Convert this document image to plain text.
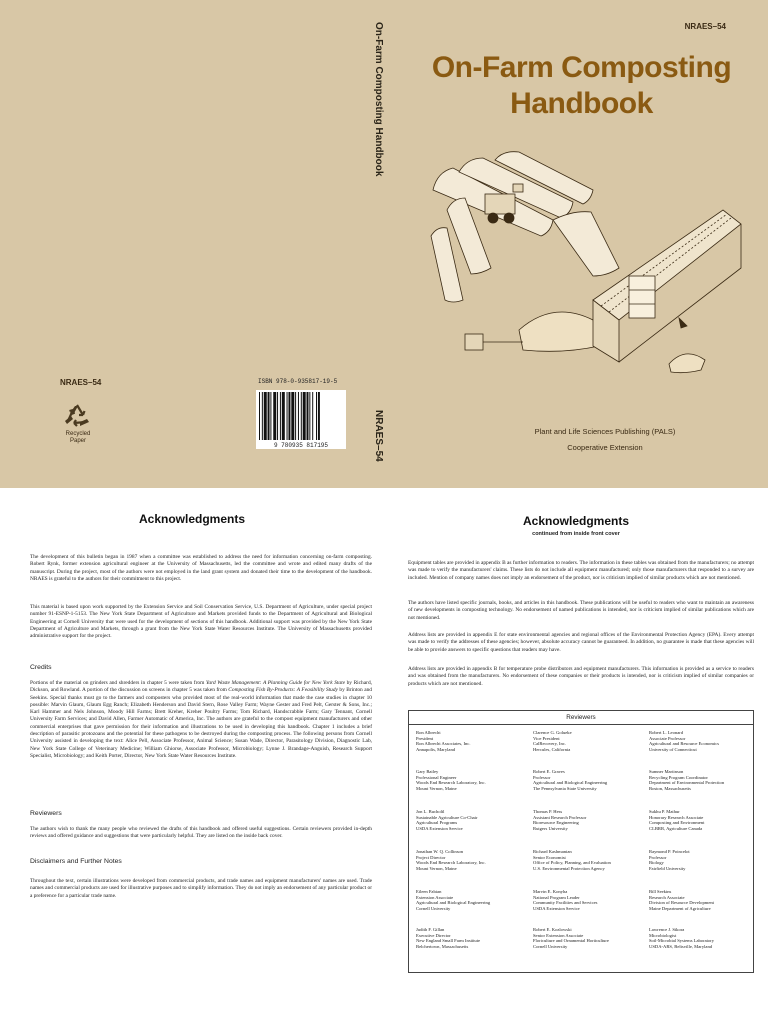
NRAES–54
Recycled
Paper
ISBN 978-0-935817-19-5
9 780935 817195
On-Farm Composting Handbook
NRAES–54
NRAES–54
On-Farm Composting
Handbook
Plant and Life Sciences Publishing (PALS)
Cooperative Extension
Acknowledgments

The development of this bulletin began in 1987 when a committee was established to address the need for information concerning on-farm composting. Robert Rynk, former extension agricultural engineer at the University of Massachusetts, led the committee and wrote and edited many drafts of the manuscript. During the project, most of the authors were not employed in the land grant system and donated their time to the development of the handbook. NRAES is grateful to the authors for their commitment to this project.

This material is based upon work supported by the Extension Service and Soil Conservation Service, U.S. Department of Agriculture, under special project number 91-ESNP-1-5153. The New York State Department of Agriculture and Markets provided funds to the Department of Agricultural and Biological Engineering at Cornell University that were used for the development of sections of this handbook. Additional support was provided by the New York State Department of Agriculture and Markets, through a grant from the New York State Water Resources Institute. The University of Massachusetts provided administrative support for the project.

Credits

Portions of the material on grinders and shredders in chapter 5 were taken from Yard Waste Management: A Planning Guide for New York State by Richard, Dickson, and Rowland. A portion of the discussion on screens in chapter 5 was taken from Composting Fish By-Products: A Feasibility Study by Brinton and Seekins. Special thanks must go to the farmers and composters who provided most of the real-world information that made the case studies in chapter 10 possible: Marvin Glaum, Glaum Egg Ranch; Elizabeth Henderson and David Stern, Rose Valley Farm; Wayne Gester and Fred Pelt, Gerster & Sons, Inc.; Karl Hammer and Nels Johnson, Moody Hill Farms; Brett Kreher, Kreher Poultry Farms; Tom Richard, Handscrabble Farm; Gary Tennant, Cornell University Farm Services; and David Allen, Farmer Automatic of America, Inc. The authors are grateful to the compost equipment manufacturers and other commercial enterprises that gave permission for their information and illustrations to be used in developing this handbook. Chapter 1 includes a brief description of parasitic protozoans and the potential for these pathogens to be destroyed during the composting process. The following persons from Cornell University assisted in developing the text: Alice Pell, Associate Professor, Animal Science; Susan Wade, Director, Parasitology Division, Diagnostic Lab, New York State College of Veterinary Medicine; William Ghiorse, Associate Professor, Microbiology; Lynne J. Brandage-Anguish, Research Support Specialist, Microbiology; and Keith Porter, Director, New York State Water Resources Institute.

Reviewers

The authors wish to thank the many people who reviewed the drafts of this handbook and offered useful suggestions. Certain reviewers provided in-depth reviews and offered guidance and suggestions that were particularly helpful. They are listed on the inside back cover.

Disclaimers and Further Notes

Throughout the text, certain illustrations were developed from commercial products, and trade names and equipment manufacturers' names are used. Trade names and commercial products are used for illustrative purposes and to simplify information. They do not imply an endorsement of any particular product or a preference for a particular trade name.

Acknowledgments
continued from inside front cover

Equipment tables are provided in appendix B as further information to readers. The information in these tables was obtained from the manufacturers; no attempt was made to verify the manufacturers' claims. These lists do not include all equipment manufactured; only those manufacturers that responded to a survey are included. Mention of company names does not imply an endorsement of the product, nor is criticism implied of similar products which are not mentioned.

The authors have listed specific journals, books, and articles in this handbook. These publications will be useful to readers who want to maintain an awareness of new developments in composting technology. No endorsement of named publications is intended, nor is criticism implied of similar publications which are not mentioned.

Address lists are provided in appendix E for state environmental agencies and regional offices of the Environmental Protection Agency (EPA). Every attempt was made to verify the addresses of these agencies; however, absolute accuracy cannot be guaranteed. In addition, no guarantee is made that these agencies will be able to provide answers to specific questions that readers may have.

Address lists are provided in appendix B for temperature probe distributors and equipment manufacturers. This information is provided as a service to readers and was obtained from the manufacturers. No endorsement of these companies or their products is intended, nor is criticism implied of similar companies or products which are not mentioned.

Reviewers
Ron Albrecht
President
Ron Albrecht Associates, Inc.
Annapolis, Maryland
Clarence G. Golueke
Vice President
CalRecovery, Inc.
Hercules, California
Robert L. Leonard
Associate Professor
Agricultural and Resource Economics
University of Connecticut
Gary Bailey
Professional Engineer
Woods End Research Laboratory, Inc.
Mount Vernon, Maine
Robert E. Graves
Professor
Agricultural and Biological Engineering
The Pennsylvania State University
Sumner Martinson
Recycling Program Coordinator
Department of Environmental Protection
Boston, Massachusetts
Jon L. Bucholtl
Sustainable Agriculture Co-Chair
Agricultural Programs
USDA Extension Service
Thomas P. Hess
Assistant Research Professor
Bioresource Engineering
Rutgers University
Sukhu P. Mathur
Honorary Research Associate
Composting and Environment
CLBRR, Agriculture Canada
Jonathan W. Q. Collinson
Project Director
Woods End Research Laboratory, Inc.
Mount Vernon, Maine
Richard Kashmanian
Senior Economist
Office of Policy, Planning, and Evaluation
U.S. Environmental Protection Agency
Raymond P. Poincelot
Professor
Biology
Fairfield University
Eileen Fabian
Extension Associate
Agricultural and Biological Engineering
Cornell University
Marvin E. Konyha
National Program Leader
Community Facilities and Services
USDA Extension Service
Bill Seekins
Research Associate
Division of Resource Development
Maine Department of Agriculture
Judith F. Gillan
Executive Director
New England Small Farm Institute
Belchertown, Massachusetts
Robert E. Kozlowski
Senior Extension Associate
Floriculture and Ornamental Horticulture
Cornell University
Lawrence J. Sikora
Microbiologist
Soil-Microbial Systems Laboratory
USDA-ARS, Beltsville, Maryland
